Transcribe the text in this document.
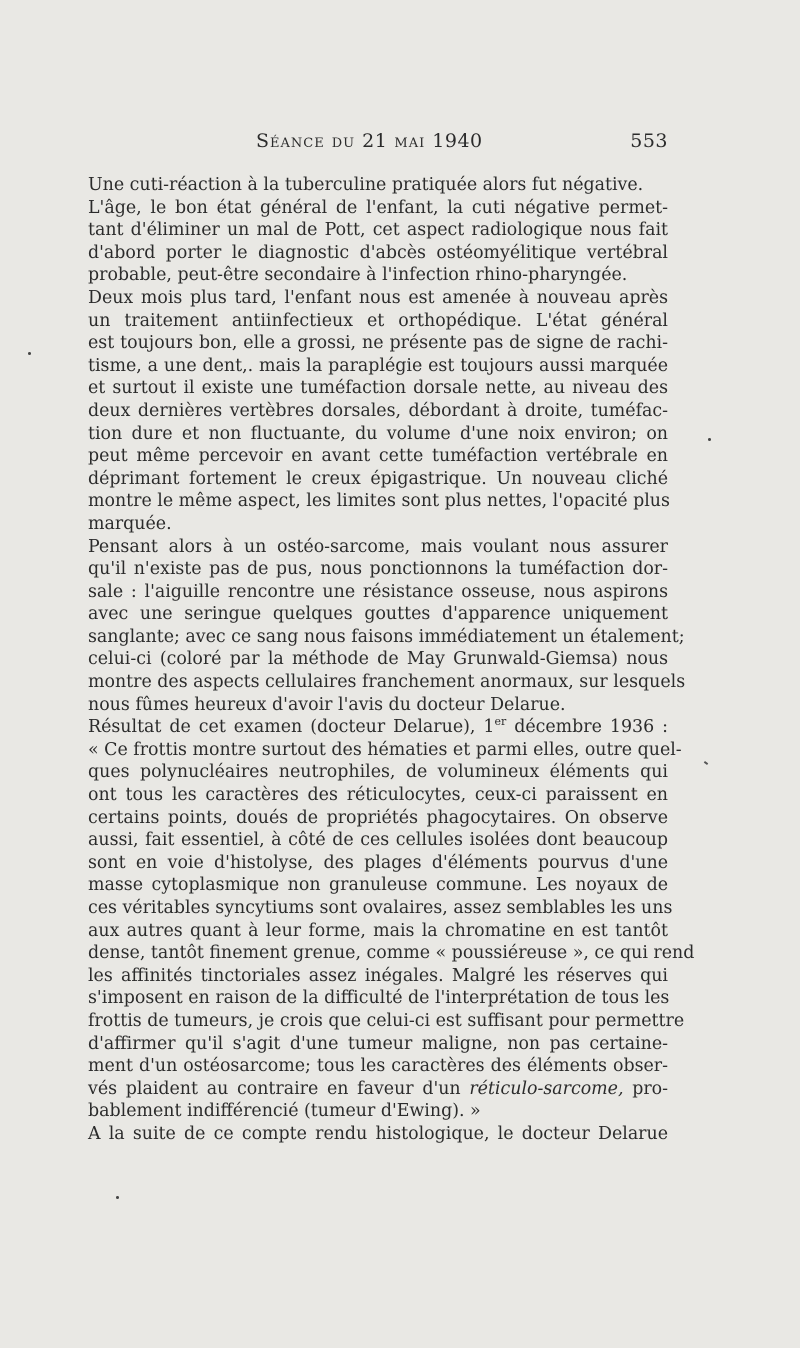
Séance du 21 mai 1940	553
Une cuti-réaction à la tuberculine pratiquée alors fut négative.
L'âge, le bon état général de l'enfant, la cuti négative permet-
tant d'éliminer un mal de Pott, cet aspect radiologique nous fait
d'abord porter le diagnostic d'abcès ostéomyélitique vertébral
probable, peut-être secondaire à l'infection rhino-pharyngée.
Deux mois plus tard, l'enfant nous est amenée à nouveau après
un traitement antiinfectieux et orthopédique. L'état général
est toujours bon, elle a grossi, ne présente pas de signe de rachi-
tisme, a une dent,. mais la paraplégie est toujours aussi marquée
et surtout il existe une tuméfaction dorsale nette, au niveau des
deux dernières vertèbres dorsales, débordant à droite, tuméfac-
tion dure et non fluctuante, du volume d'une noix environ; on
peut même percevoir en avant cette tuméfaction vertébrale en
déprimant fortement le creux épigastrique. Un nouveau cliché
montre le même aspect, les limites sont plus nettes, l'opacité plus
marquée.
Pensant alors à un ostéo-sarcome, mais voulant nous assurer
qu'il n'existe pas de pus, nous ponctionnons la tuméfaction dor-
sale : l'aiguille rencontre une résistance osseuse, nous aspirons
avec une seringue quelques gouttes d'apparence uniquement
sanglante; avec ce sang nous faisons immédiatement un étalement;
celui-ci (coloré par la méthode de May Grunwald-Giemsa) nous
montre des aspects cellulaires franchement anormaux, sur lesquels
nous fûmes heureux d'avoir l'avis du docteur Delarue.
Résultat de cet examen (docteur Delarue), 1er décembre 1936 :
« Ce frottis montre surtout des hématies et parmi elles, outre quel-
ques polynucléaires neutrophiles, de volumineux éléments qui
ont tous les caractères des réticulocytes, ceux-ci paraissent en
certains points, doués de propriétés phagocytaires. On observe
aussi, fait essentiel, à côté de ces cellules isolées dont beaucoup
sont en voie d'histolyse, des plages d'éléments pourvus d'une
masse cytoplasmique non granuleuse commune. Les noyaux de
ces véritables syncytiums sont ovalaires, assez semblables les uns
aux autres quant à leur forme, mais la chromatine en est tantôt
dense, tantôt finement grenue, comme « poussiéreuse », ce qui rend
les affinités tinctoriales assez inégales. Malgré les réserves qui
s'imposent en raison de la difficulté de l'interprétation de tous les
frottis de tumeurs, je crois que celui-ci est suffisant pour permettre
d'affirmer qu'il s'agit d'une tumeur maligne, non pas certaine-
ment d'un ostéosarcome; tous les caractères des éléments obser-
vés plaident au contraire en faveur d'un réticulo-sarcome, pro-
bablement indifférencié (tumeur d'Ewing). »
A la suite de ce compte rendu histologique, le docteur Delarue
